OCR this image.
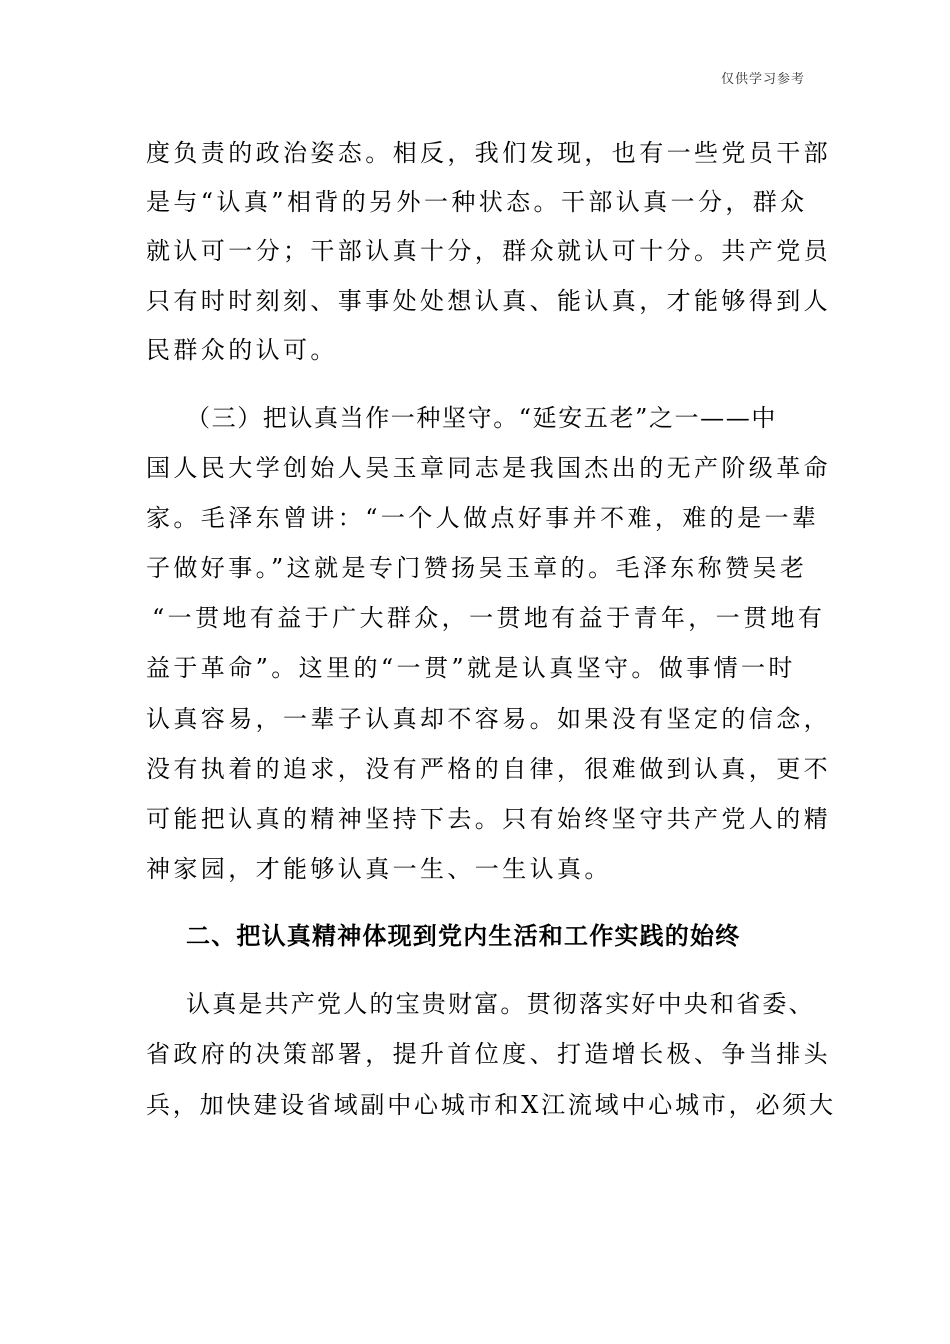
仅供学习参考
度负责的政治姿态。相反，我们发现，也有一些党员干部
是与“认真”相背的另外一种状态。干部认真一分，群众
就认可一分；干部认真十分，群众就认可十分。共产党员
只有时时刻刻、事事处处想认真、能认真，才能够得到人
民群众的认可。
（三）把认真当作一种坚守。“延安五老”之一——中
国人民大学创始人吴玉章同志是我国杰出的无产阶级革命
家。毛泽东曾讲：“一个人做点好事并不难，难的是一辈
子做好事。”这就是专门赞扬吴玉章的。毛泽东称赞吴老
“一贯地有益于广大群众，一贯地有益于青年，一贯地有
益于革命”。这里的“一贯”就是认真坚守。做事情一时
认真容易，一辈子认真却不容易。如果没有坚定的信念，
没有执着的追求，没有严格的自律，很难做到认真，更不
可能把认真的精神坚持下去。只有始终坚守共产党人的精
神家园，才能够认真一生、一生认真。
二、把认真精神体现到党内生活和工作实践的始终
认真是共产党人的宝贵财富。贯彻落实好中央和省委、
省政府的决策部署，提升首位度、打造增长极、争当排头
兵，加快建设省域副中心城市和X江流域中心城市，必须大
